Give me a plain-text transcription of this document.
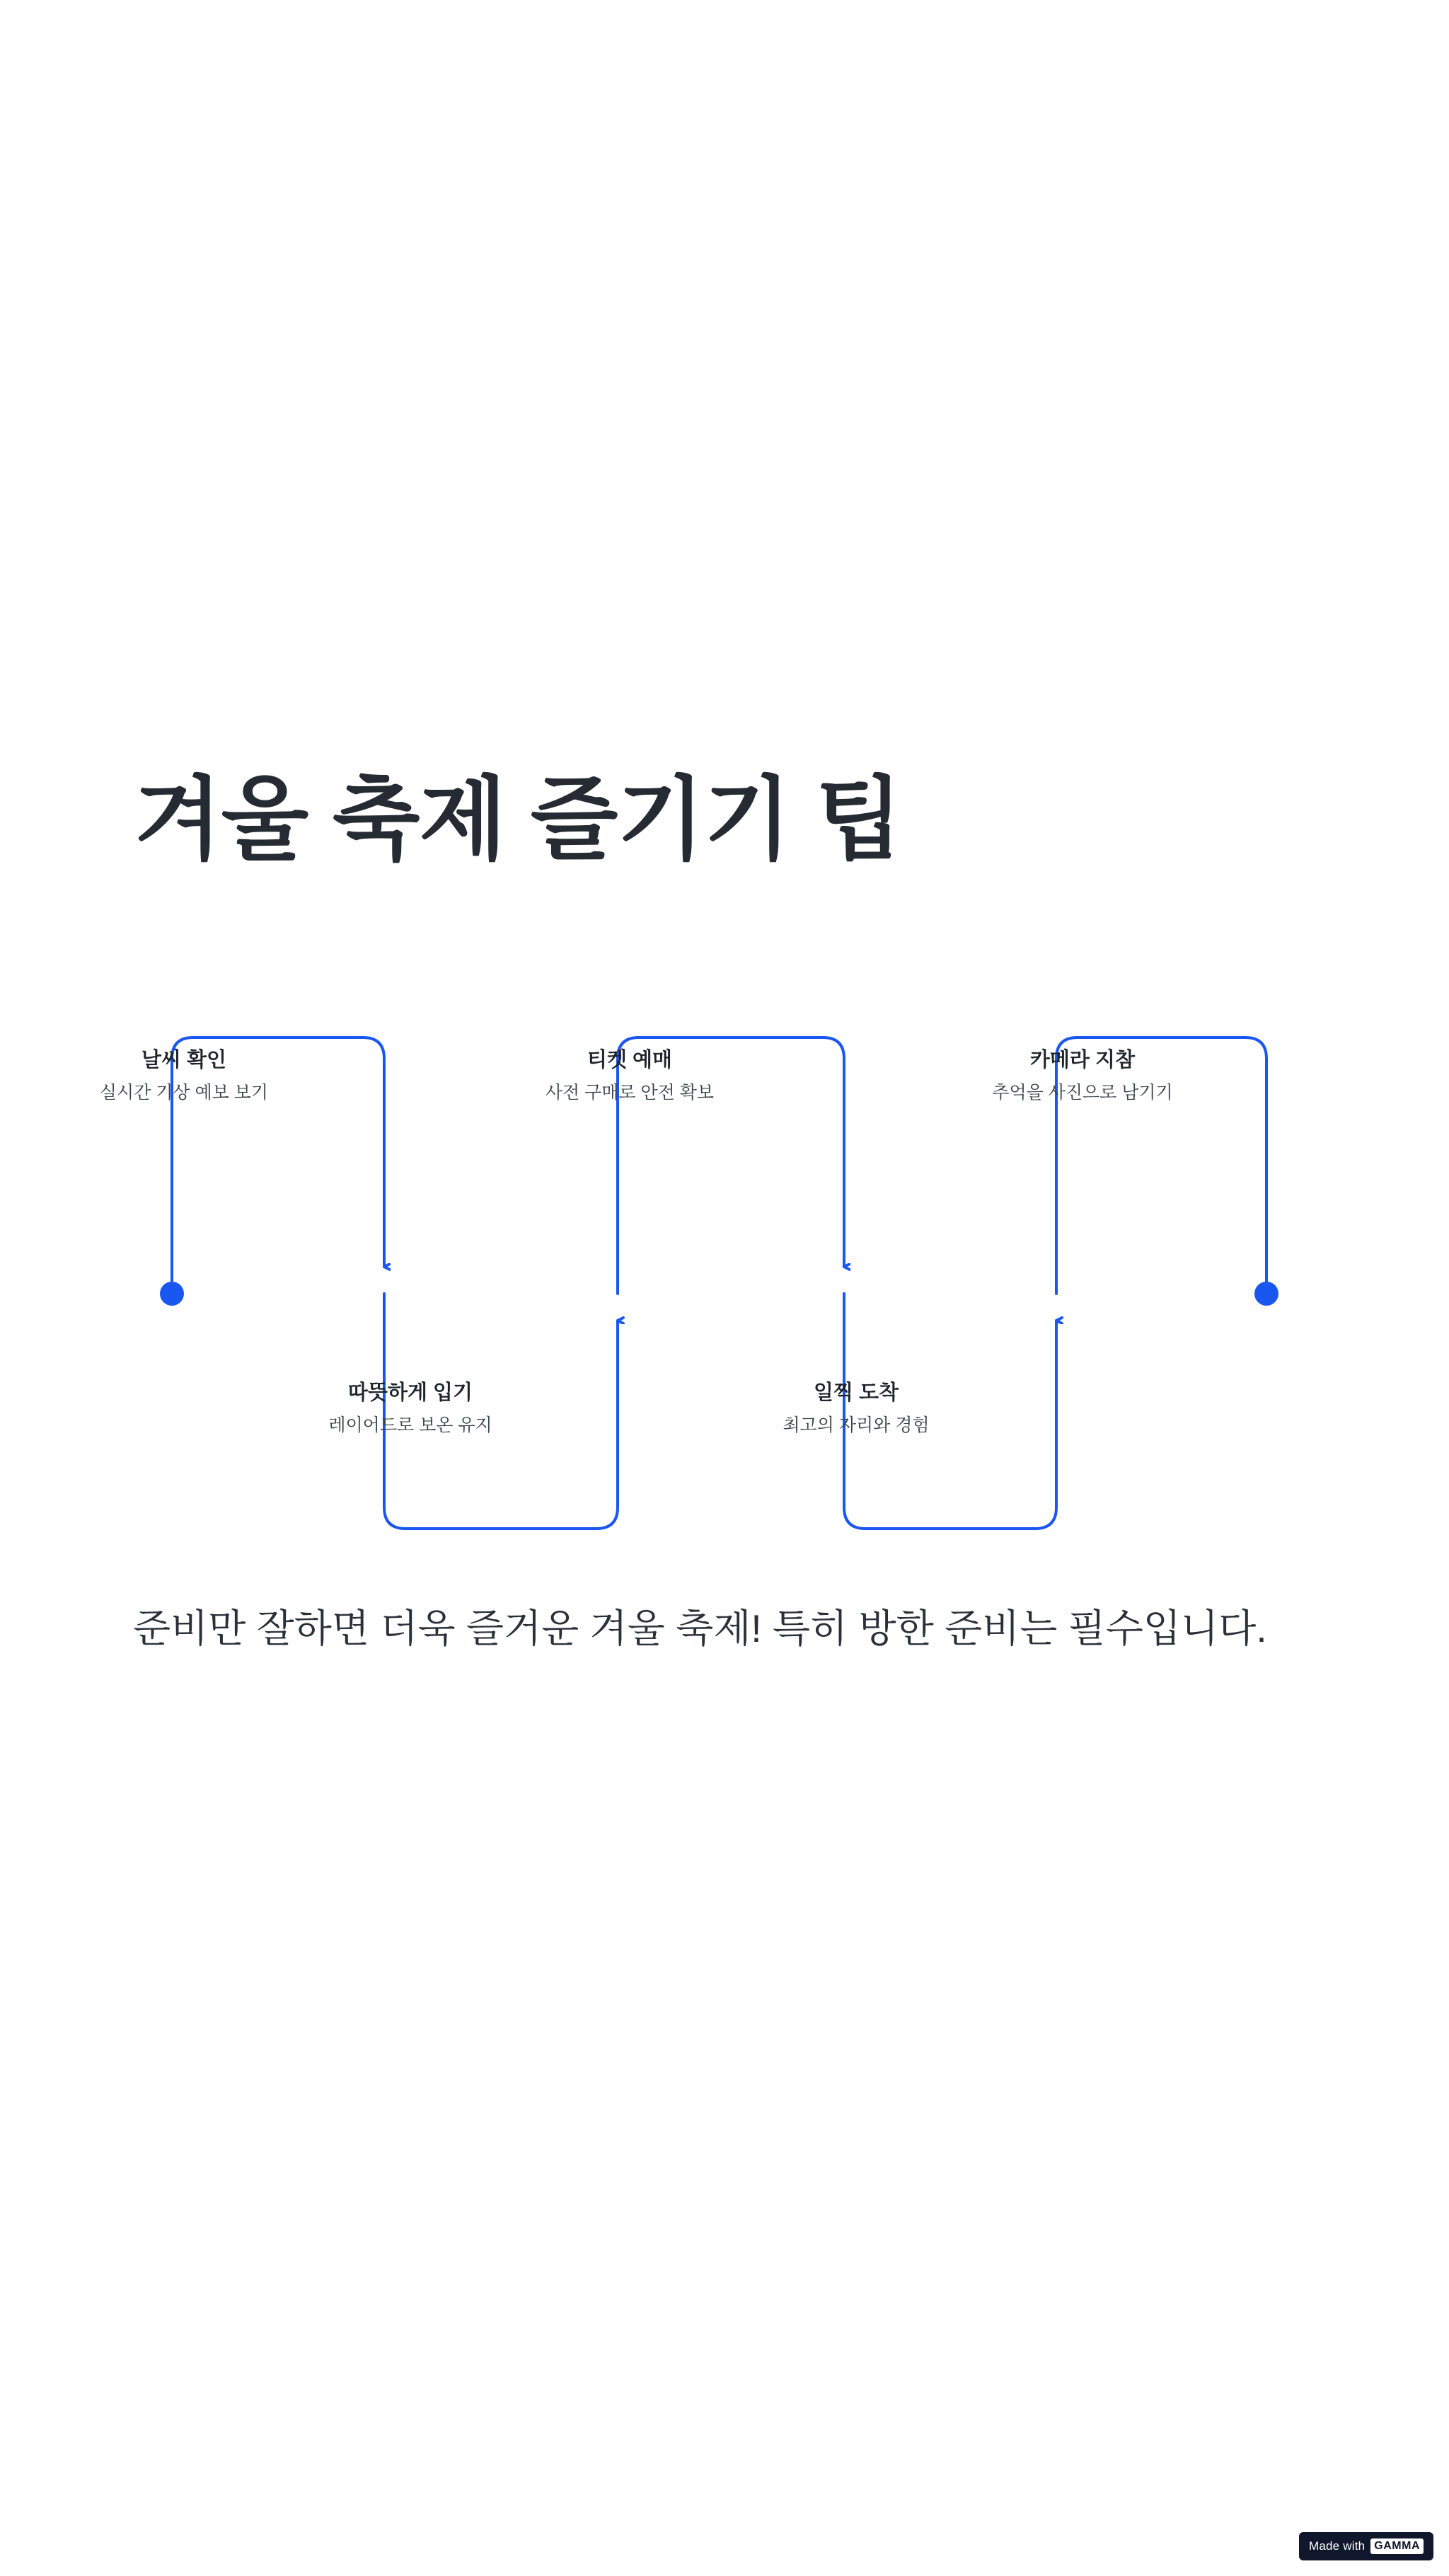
겨울 축제 즐기기 팁
날씨 확인
실시간 기상 예보 보기
티켓 예매
사전 구매로 안전 확보
카메라 지참
추억을 사진으로 남기기
따뜻하게 입기
레이어드로 보온 유지
일찍 도착
최고의 자리와 경험
준비만 잘하면 더욱 즐거운 겨울 축제! 특히 방한 준비는 필수입니다.
Made with GAMMA
